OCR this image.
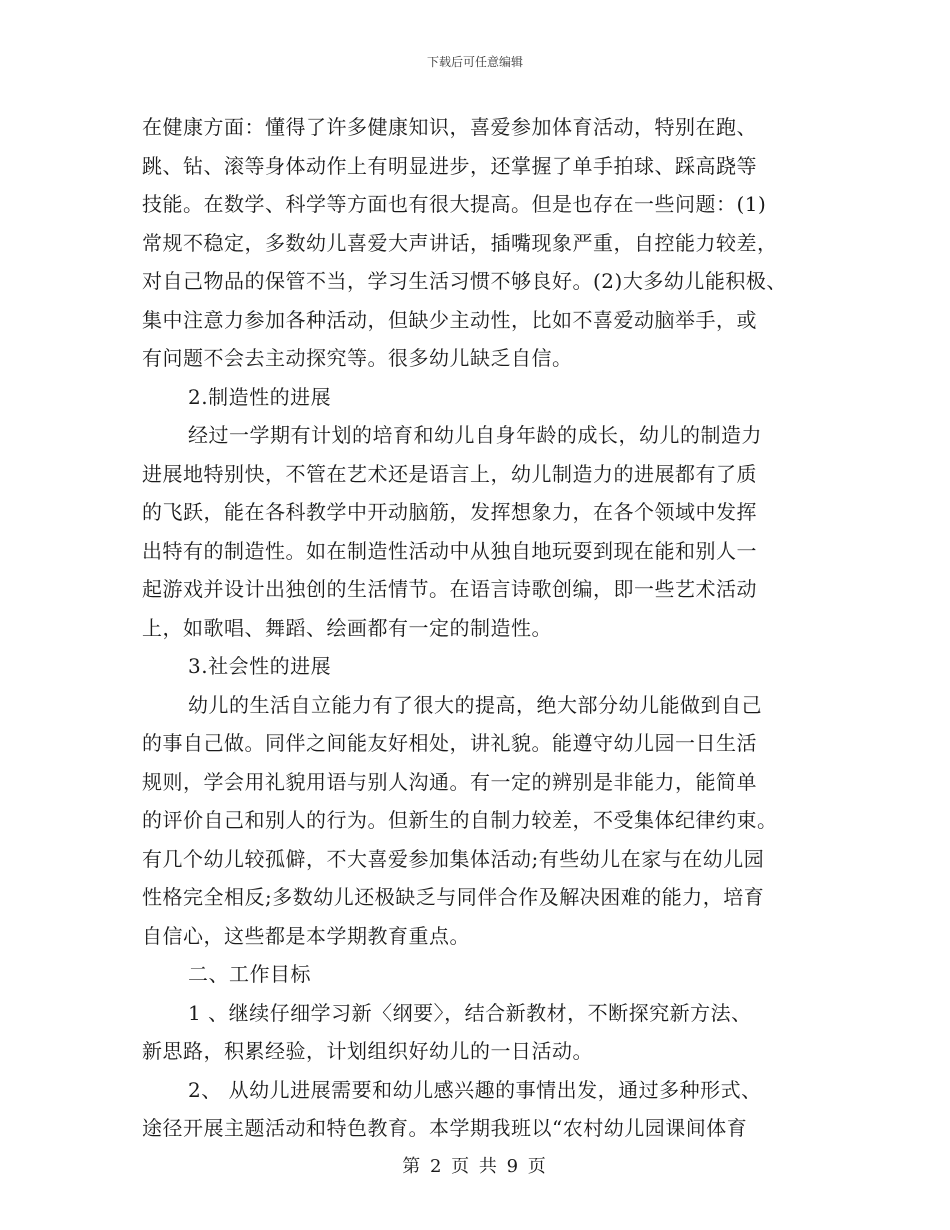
下载后可任意编辑
在健康方面：懂得了许多健康知识，喜爱参加体育活动，特别在跑、
跳、钻、滚等身体动作上有明显进步，还掌握了单手拍球、踩高跷等
技能。在数学、科学等方面也有很大提高。但是也存在一些问题：(1)
常规不稳定，多数幼儿喜爱大声讲话，插嘴现象严重，自控能力较差，
对自己物品的保管不当，学习生活习惯不够良好。(2)大多幼儿能积极、
集中注意力参加各种活动，但缺少主动性，比如不喜爱动脑举手，或
有问题不会去主动探究等。很多幼儿缺乏自信。
2.制造性的进展
经过一学期有计划的培育和幼儿自身年龄的成长，幼儿的制造力
进展地特别快，不管在艺术还是语言上，幼儿制造力的进展都有了质
的飞跃，能在各科教学中开动脑筋，发挥想象力，在各个领域中发挥
出特有的制造性。如在制造性活动中从独自地玩耍到现在能和别人一
起游戏并设计出独创的生活情节。在语言诗歌创编，即一些艺术活动
上，如歌唱、舞蹈、绘画都有一定的制造性。
3.社会性的进展
幼儿的生活自立能力有了很大的提高，绝大部分幼儿能做到自己
的事自己做。同伴之间能友好相处，讲礼貌。能遵守幼儿园一日生活
规则，学会用礼貌用语与别人沟通。有一定的辨别是非能力，能简单
的评价自己和别人的行为。但新生的自制力较差，不受集体纪律约束。
有几个幼儿较孤僻，不大喜爱参加集体活动;有些幼儿在家与在幼儿园
性格完全相反;多数幼儿还极缺乏与同伴合作及解决困难的能力，培育
自信心，这些都是本学期教育重点。
二、工作目标
1 、继续仔细学习新〈纲要〉，结合新教材，不断探究新方法、
新思路，积累经验，计划组织好幼儿的一日活动。
2、 从幼儿进展需要和幼儿感兴趣的事情出发，通过多种形式、
途径开展主题活动和特色教育。本学期我班以“农村幼儿园课间体育
第 2 页 共 9 页
